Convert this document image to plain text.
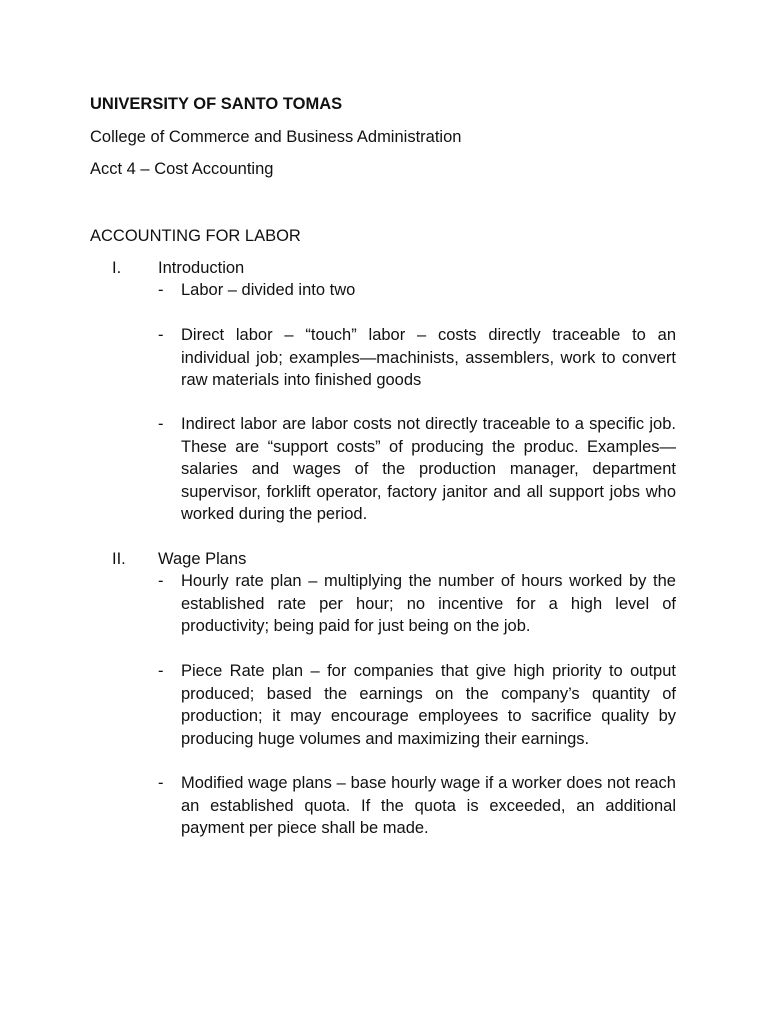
UNIVERSITY OF SANTO TOMAS
College of Commerce and Business Administration
Acct 4 – Cost Accounting
ACCOUNTING FOR LABOR
I. Introduction
- Labor – divided into two
- Direct labor – “touch” labor – costs directly traceable to an individual job; examples—machinists, assemblers, work to convert raw materials into finished goods
- Indirect labor are labor costs not directly traceable to a specific job. These are “support costs” of producing the produc. Examples—salaries and wages of the production manager, department supervisor, forklift operator, factory janitor and all support jobs who worked during the period.
II. Wage Plans
- Hourly rate plan – multiplying the number of hours worked by the established rate per hour; no incentive for a high level of productivity; being paid for just being on the job.
- Piece Rate plan – for companies that give high priority to output produced; based the earnings on the company’s quantity of production; it may encourage employees to sacrifice quality by producing huge volumes and maximizing their earnings.
- Modified wage plans – base hourly wage if a worker does not reach an established quota. If the quota is exceeded, an additional payment per piece shall be made.
